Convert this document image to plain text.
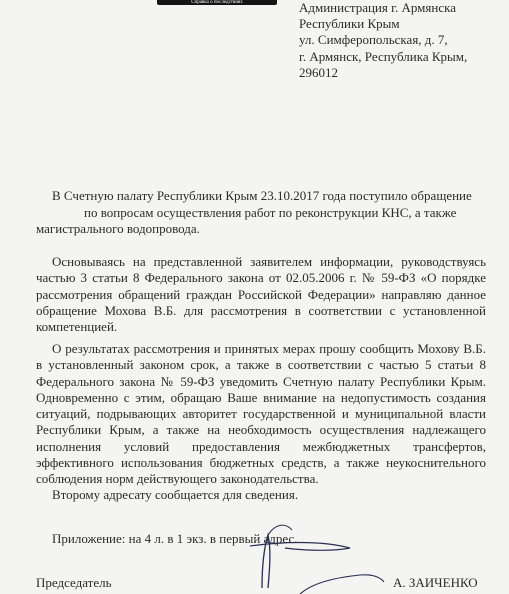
Справка о последствиях	Администрация г. Армянска
Республики Крым
ул. Симферопольская, д. 7,
г. Армянск, Республика Крым,
296012
В Счетную палату Республики Крым 23.10.2017 года поступило обращение
по вопросам осуществления работ по реконструкции КНС, а также
магистрального водопровода.

Основываясь на представленной заявителем информации, руководствуясь частью 3 статьи 8 Федерального закона от 02.05.2006 г. № 59-ФЗ «О порядке рассмотрения обращений граждан Российской Федерации» направляю данное обращение Мохова В.Б. для рассмотрения в соответствии с установленной компетенцией.

О результатах рассмотрения и принятых мерах прошу сообщить Мохову В.Б. в установленный законом срок, а также в соответствии с частью 5 статьи 8 Федерального закона № 59-ФЗ уведомить Счетную палату Республики Крым. Одновременно с этим, обращаю Ваше внимание на недопустимость создания ситуаций, подрывающих авторитет государственной и муниципальной власти Республики Крым, а также на необходимость осуществления надлежащего исполнения условий предоставления межбюджетных трансфертов, эффективного использования бюджетных средств, а также неукоснительного соблюдения норм действующего законодательства.

Второму адресату сообщается для сведения.
Приложение: на 4 л. в 1 экз. в первый адрес.
Председатель	А. ЗАИЧЕНКО
